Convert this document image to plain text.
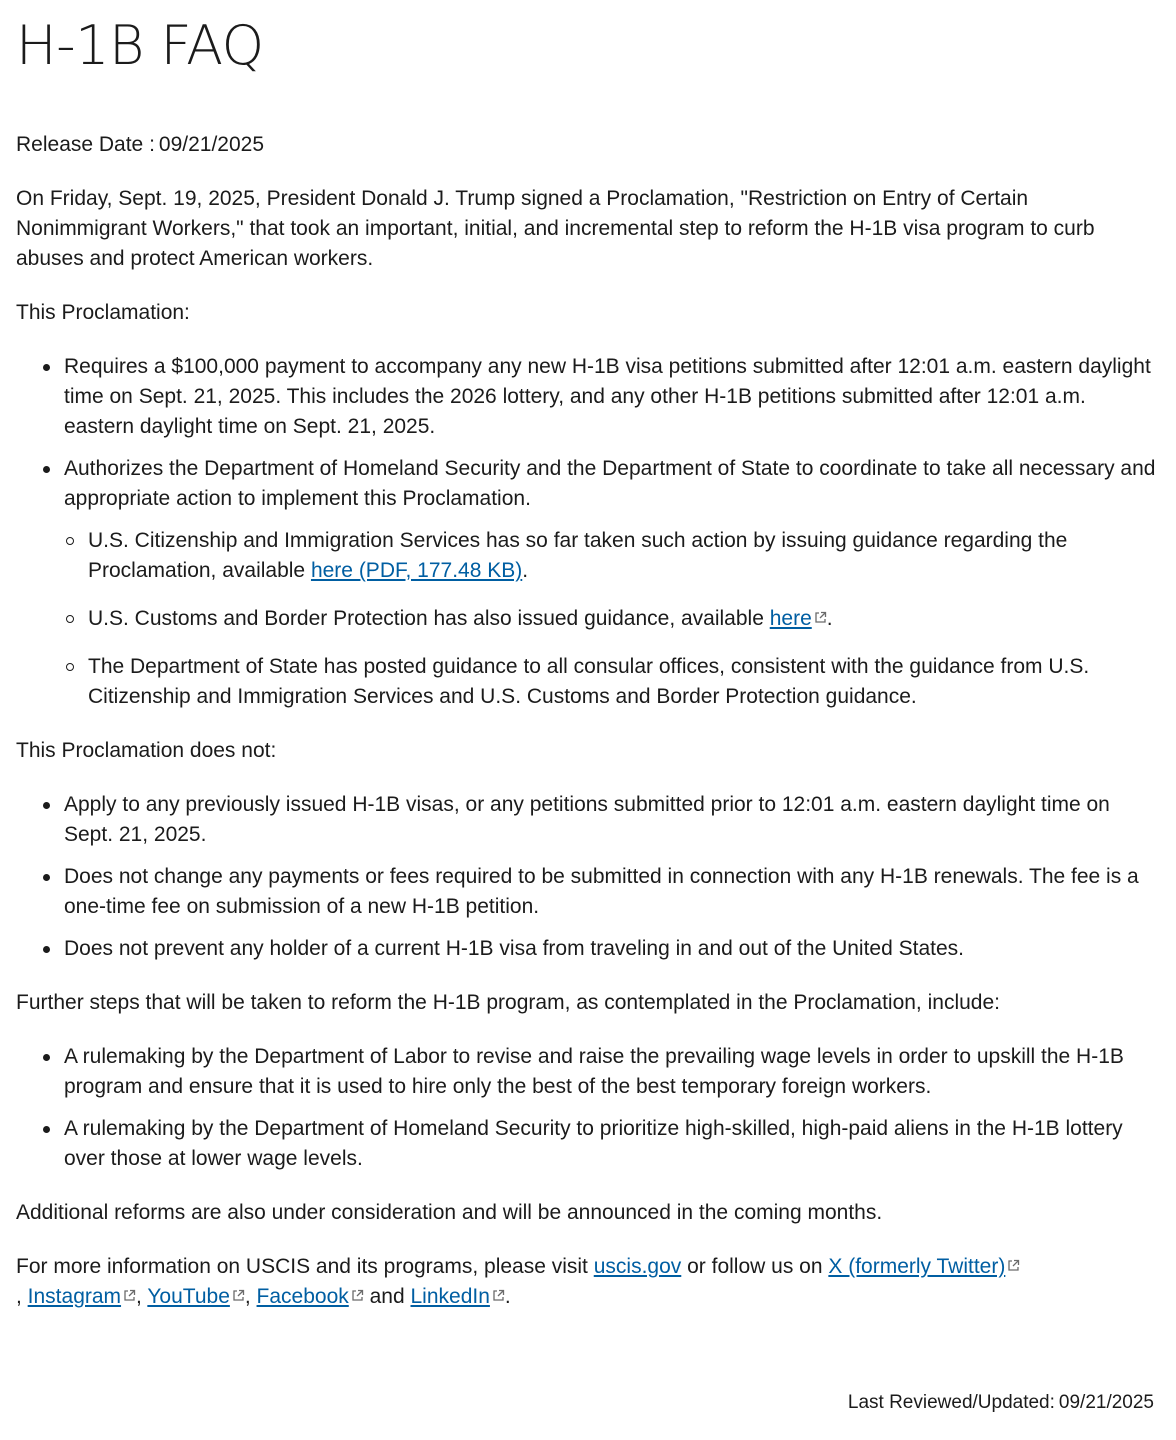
H-1B FAQ

Release Date : 09/21/2025

On Friday, Sept. 19, 2025, President Donald J. Trump signed a Proclamation, "Restriction on Entry of Certain Nonimmigrant Workers," that took an important, initial, and incremental step to reform the H-1B visa program to curb abuses and protect American workers.

This Proclamation:

Requires a $100,000 payment to accompany any new H-1B visa petitions submitted after 12:01 a.m. eastern daylight time on Sept. 21, 2025. This includes the 2026 lottery, and any other H-1B petitions submitted after 12:01 a.m. eastern daylight time on Sept. 21, 2025.
Authorizes the Department of Homeland Security and the Department of State to coordinate to take all necessary and appropriate action to implement this Proclamation.
U.S. Citizenship and Immigration Services has so far taken such action by issuing guidance regarding the Proclamation, available here (PDF, 177.48 KB).
U.S. Customs and Border Protection has also issued guidance, available here .
The Department of State has posted guidance to all consular offices, consistent with the guidance from U.S. Citizenship and Immigration Services and U.S. Customs and Border Protection guidance.

This Proclamation does not:

Apply to any previously issued H-1B visas, or any petitions submitted prior to 12:01 a.m. eastern daylight time on Sept. 21, 2025.
Does not change any payments or fees required to be submitted in connection with any H-1B renewals. The fee is a one-time fee on submission of a new H-1B petition.
Does not prevent any holder of a current H-1B visa from traveling in and out of the United States.

Further steps that will be taken to reform the H-1B program, as contemplated in the Proclamation, include:

A rulemaking by the Department of Labor to revise and raise the prevailing wage levels in order to upskill the H-1B program and ensure that it is used to hire only the best of the best temporary foreign workers.
A rulemaking by the Department of Homeland Security to prioritize high-skilled, high-paid aliens in the H-1B lottery over those at lower wage levels.

Additional reforms are also under consideration and will be announced in the coming months.

For more information on USCIS and its programs, please visit uscis.gov or follow us on X (formerly Twitter)

, Instagram , YouTube , Facebook
and LinkedIn .

Last Reviewed/Updated: 09/21/2025
